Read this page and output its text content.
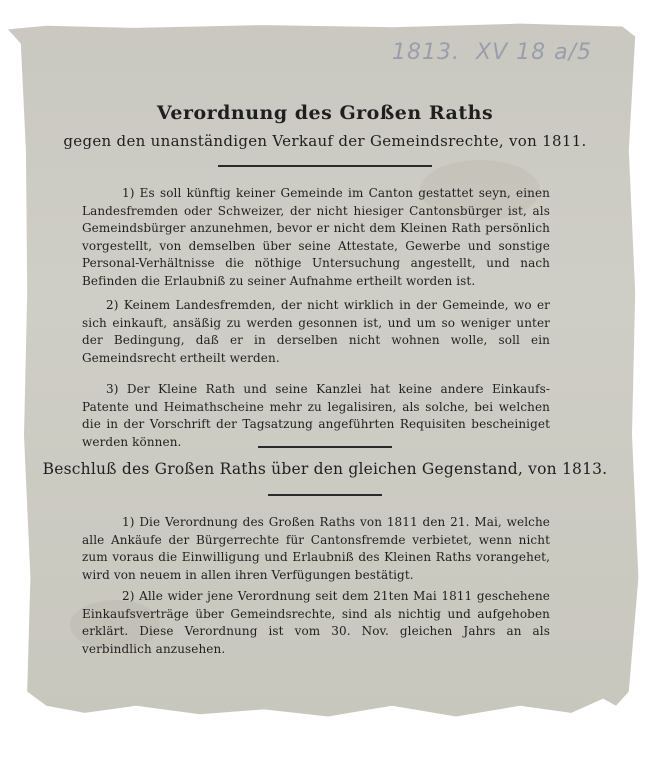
1813. XV 18 a/5
Verordnung des Großen Raths
gegen den unanständigen Verkauf der Gemeindsrechte, von 1811.
1) Es soll künftig keiner Gemeinde im Canton gestattet seyn, einen Landesfremden oder Schweizer, der nicht hiesiger Cantonsbürger ist, als Gemeindsbürger anzunehmen, bevor er nicht dem Kleinen Rath persönlich vorgestellt, von demselben über seine Attestate, Gewerbe und sonstige Personal-Verhältnisse die nöthige Untersuchung angestellt, und nach Befinden die Erlaubniß zu seiner Aufnahme ertheilt worden ist.
2) Keinem Landesfremden, der nicht wirklich in der Gemeinde, wo er sich einkauft, ansäßig zu werden gesonnen ist, und um so weniger unter der Bedingung, daß er in derselben nicht wohnen wolle, soll ein Gemeindsrecht ertheilt werden.
3) Der Kleine Rath und seine Kanzlei hat keine andere Einkaufs-Patente und Heimathscheine mehr zu legalisiren, als solche, bei welchen die in der Vorschrift der Tagsatzung angeführten Requisiten bescheiniget werden können.
Beschluß des Großen Raths über den gleichen Gegenstand, von 1813.
1) Die Verordnung des Großen Raths von 1811 den 21. Mai, welche alle Ankäufe der Bürgerrechte für Cantonsfremde verbietet, wenn nicht zum voraus die Einwilligung und Erlaubniß des Kleinen Raths vorangehet, wird von neuem in allen ihren Verfügungen bestätigt.
2) Alle wider jene Verordnung seit dem 21ten Mai 1811 geschehene Einkaufsverträge über Gemeindsrechte, sind als nichtig und aufgehoben erklärt. Diese Verordnung ist vom 30. Nov. gleichen Jahrs an als verbindlich anzusehen.
